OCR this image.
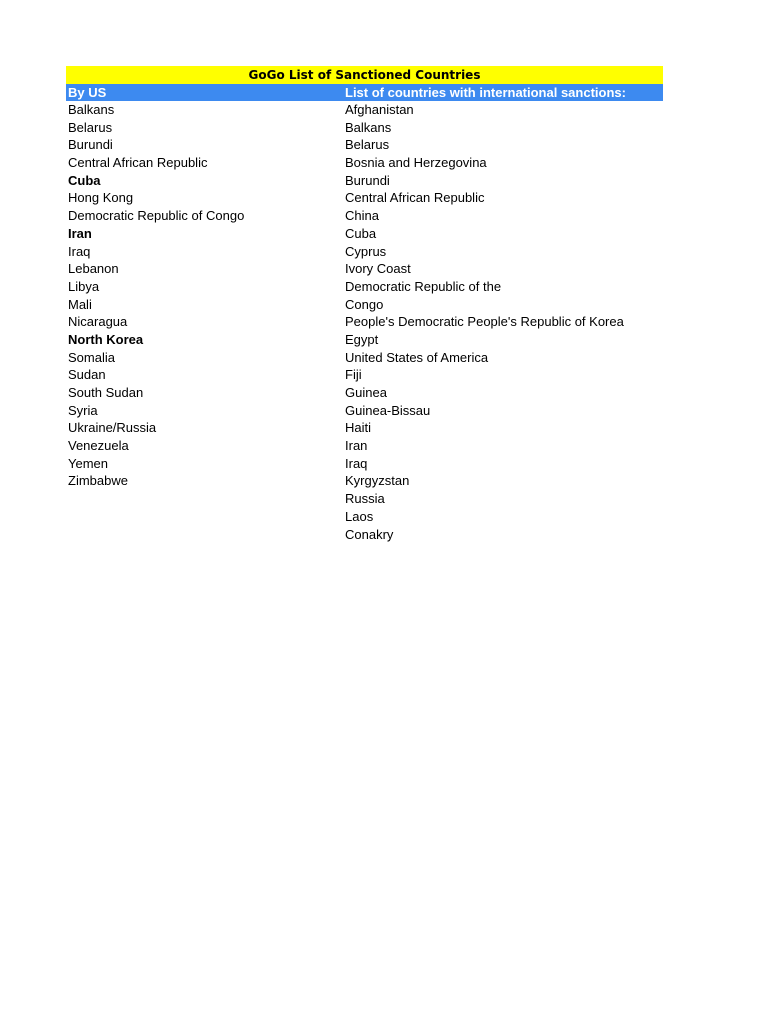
GoGo List of Sanctioned Countries
By US	List of countries with international sanctions:
Balkans
Belarus
Burundi
Central African Republic
Cuba
Hong Kong
Democratic Republic of Congo
Iran
Iraq
Lebanon
Libya
Mali
Nicaragua
North Korea
Somalia
Sudan
South Sudan
Syria
Ukraine/Russia
Venezuela
Yemen
Zimbabwe
Afghanistan
Balkans
Belarus
Bosnia and Herzegovina
Burundi
Central African Republic
China
Cuba
Cyprus
Ivory Coast
Democratic Republic of the
Congo
People's Democratic People's Republic of Korea
Egypt
United States of America
Fiji
Guinea
Guinea-Bissau
Haiti
Iran
Iraq
Kyrgyzstan
Russia
Laos
Conakry
